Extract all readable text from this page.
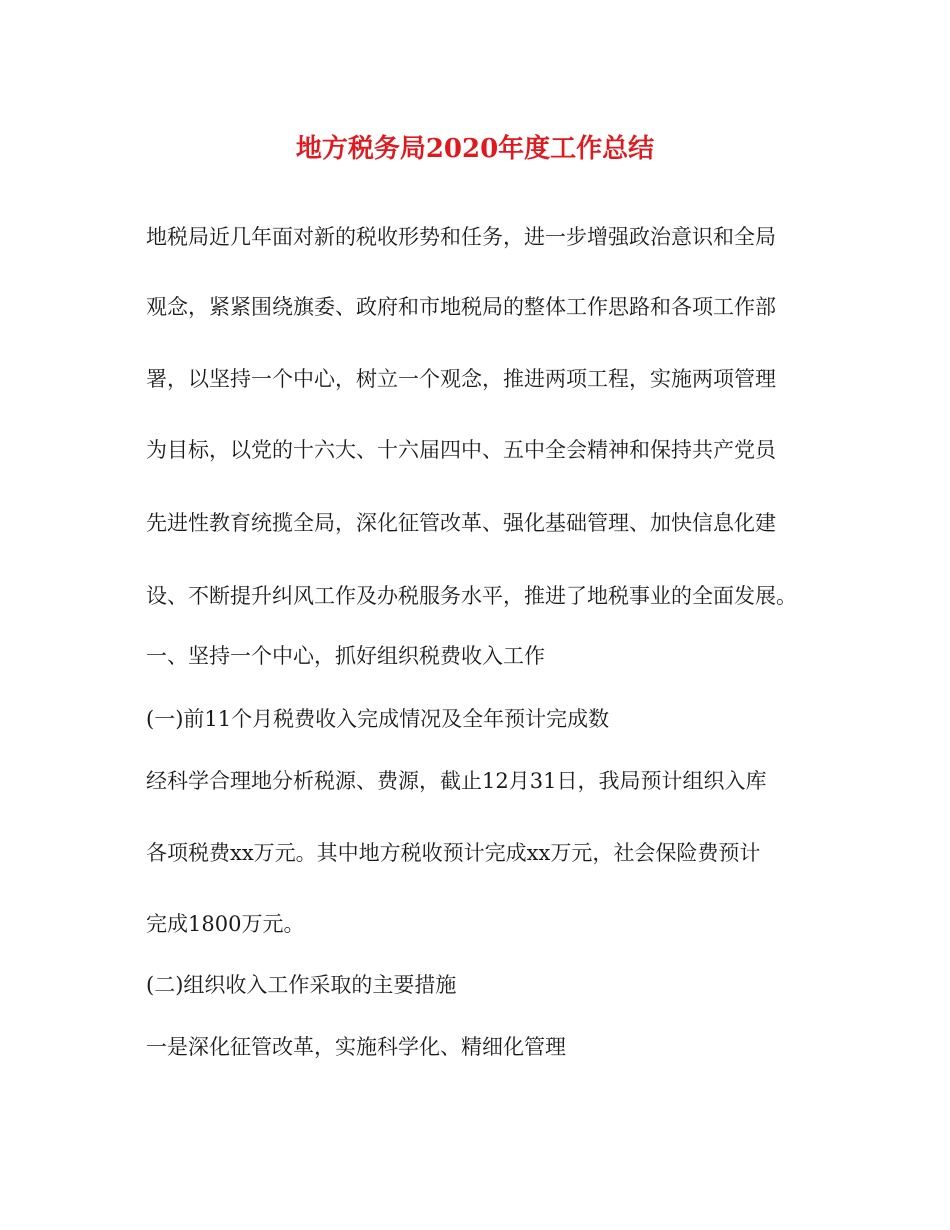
地方税务局2020年度工作总结

地税局近几年面对新的税收形势和任务，进一步增强政治意识和全局

观念，紧紧围绕旗委、政府和市地税局的整体工作思路和各项工作部

署，以坚持一个中心，树立一个观念，推进两项工程，实施两项管理

为目标，以党的十六大、十六届四中、五中全会精神和保持共产党员

先进性教育统揽全局，深化征管改革、强化基础管理、加快信息化建

设、不断提升纠风工作及办税服务水平，推进了地税事业的全面发展。

一、坚持一个中心，抓好组织税费收入工作

(一)前11个月税费收入完成情况及全年预计完成数

经科学合理地分析税源、费源，截止12月31日，我局预计组织入库

各项税费xx万元。其中地方税收预计完成xx万元，社会保险费预计

完成1800万元。

(二)组织收入工作采取的主要措施

一是深化征管改革，实施科学化、精细化管理
